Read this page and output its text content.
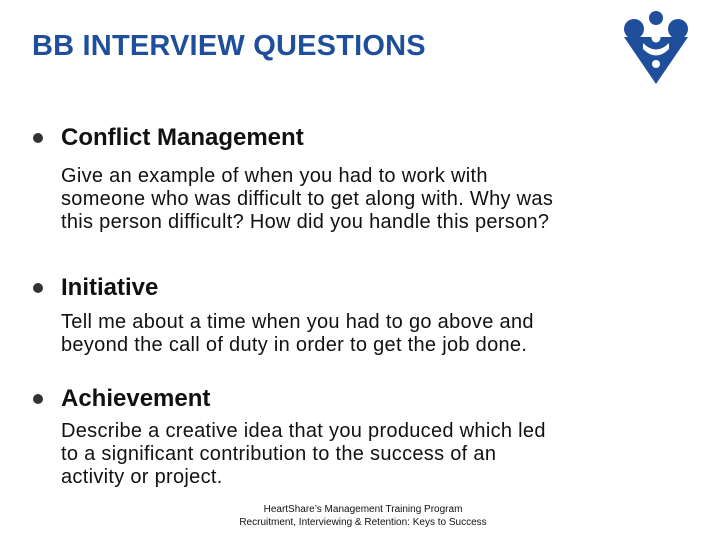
BB INTERVIEW QUESTIONS
Conflict Management
Give an example of when you had to work with
someone who was difficult to get along with. Why was
this person difficult? How did you handle this person?
Initiative
Tell me about a time when you had to go above and
beyond the call of duty in order to get the job done.
Achievement
Describe a creative idea that you produced which led
to a significant contribution to the success of an
activity or project.
HeartShare’s Management Training Program
Recruitment, Interviewing & Retention: Keys to Success
